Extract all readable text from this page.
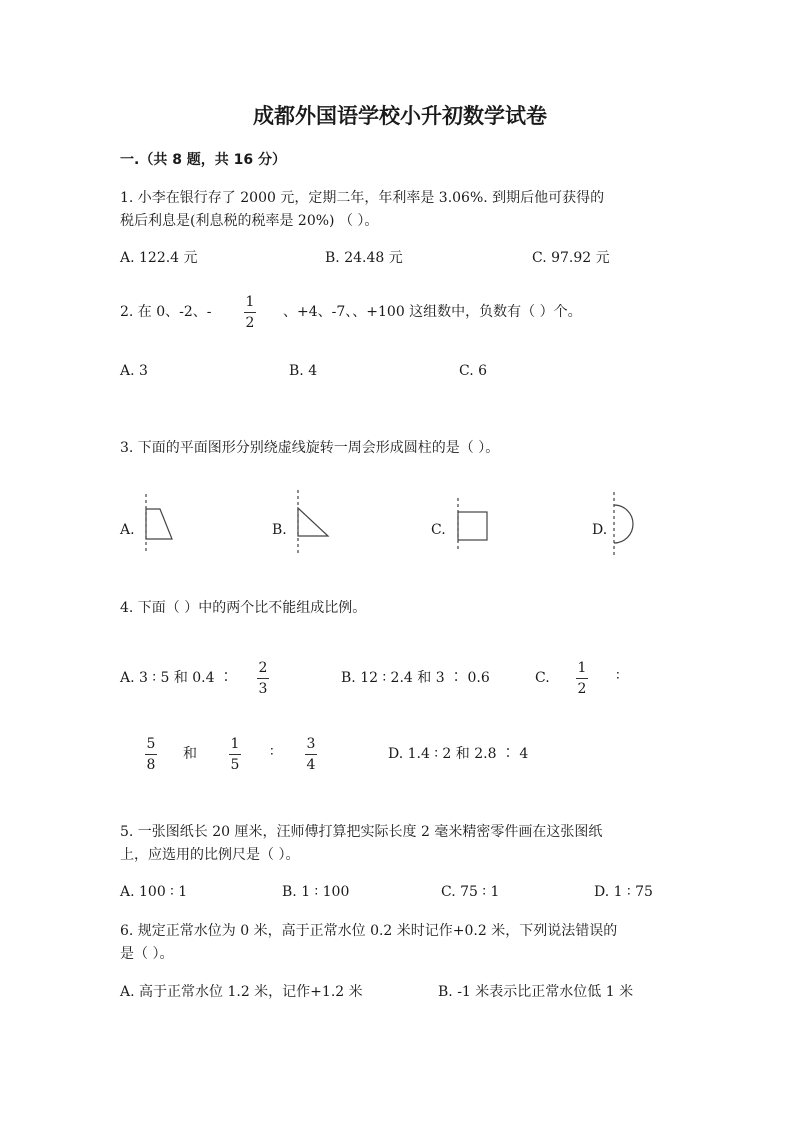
成都外国语学校小升初数学试卷
一.（共 8 题，共 16 分）
1. 小李在银行存了 2000 元，定期二年，年利率是 3.06%. 到期后他可获得的
税后利息是(利息税的税率是 20%) （ ）。
A. 122.4 元	B. 24.48 元	C. 97.92 元
2. 在 0、-2、-
1
2
、+4、-7、、+100 这组数中，负数有（ ）个。
A. 3	B. 4	C. 6
3. 下面的平面图形分别绕虚线旋转一周会形成圆柱的是（ ）。
A.	B.	C.	D.
4. 下面（ ）中的两个比不能组成比例。
A. 3 ∶ 5 和 0.4 ∶
2
3
B. 12 ∶ 2.4 和 3 ∶ 0.6	C.
1
2
∶
5
8
和
1
5
∶ 3
4
D. 1.4 ∶ 2 和 2.8 ∶ 4
5. 一张图纸长 20 厘米，汪师傅打算把实际长度 2 毫米精密零件画在这张图纸
上，应选用的比例尺是（ ）。
A. 100 ∶ 1	B. 1 ∶ 100	C. 75 ∶ 1	D. 1 ∶ 75
6. 规定正常水位为 0 米，高于正常水位 0.2 米时记作+0.2 米，下列说法错误的
是（ ）。
A. 高于正常水位 1.2 米，记作+1.2 米	B. -1 米表示比正常水位低 1 米
